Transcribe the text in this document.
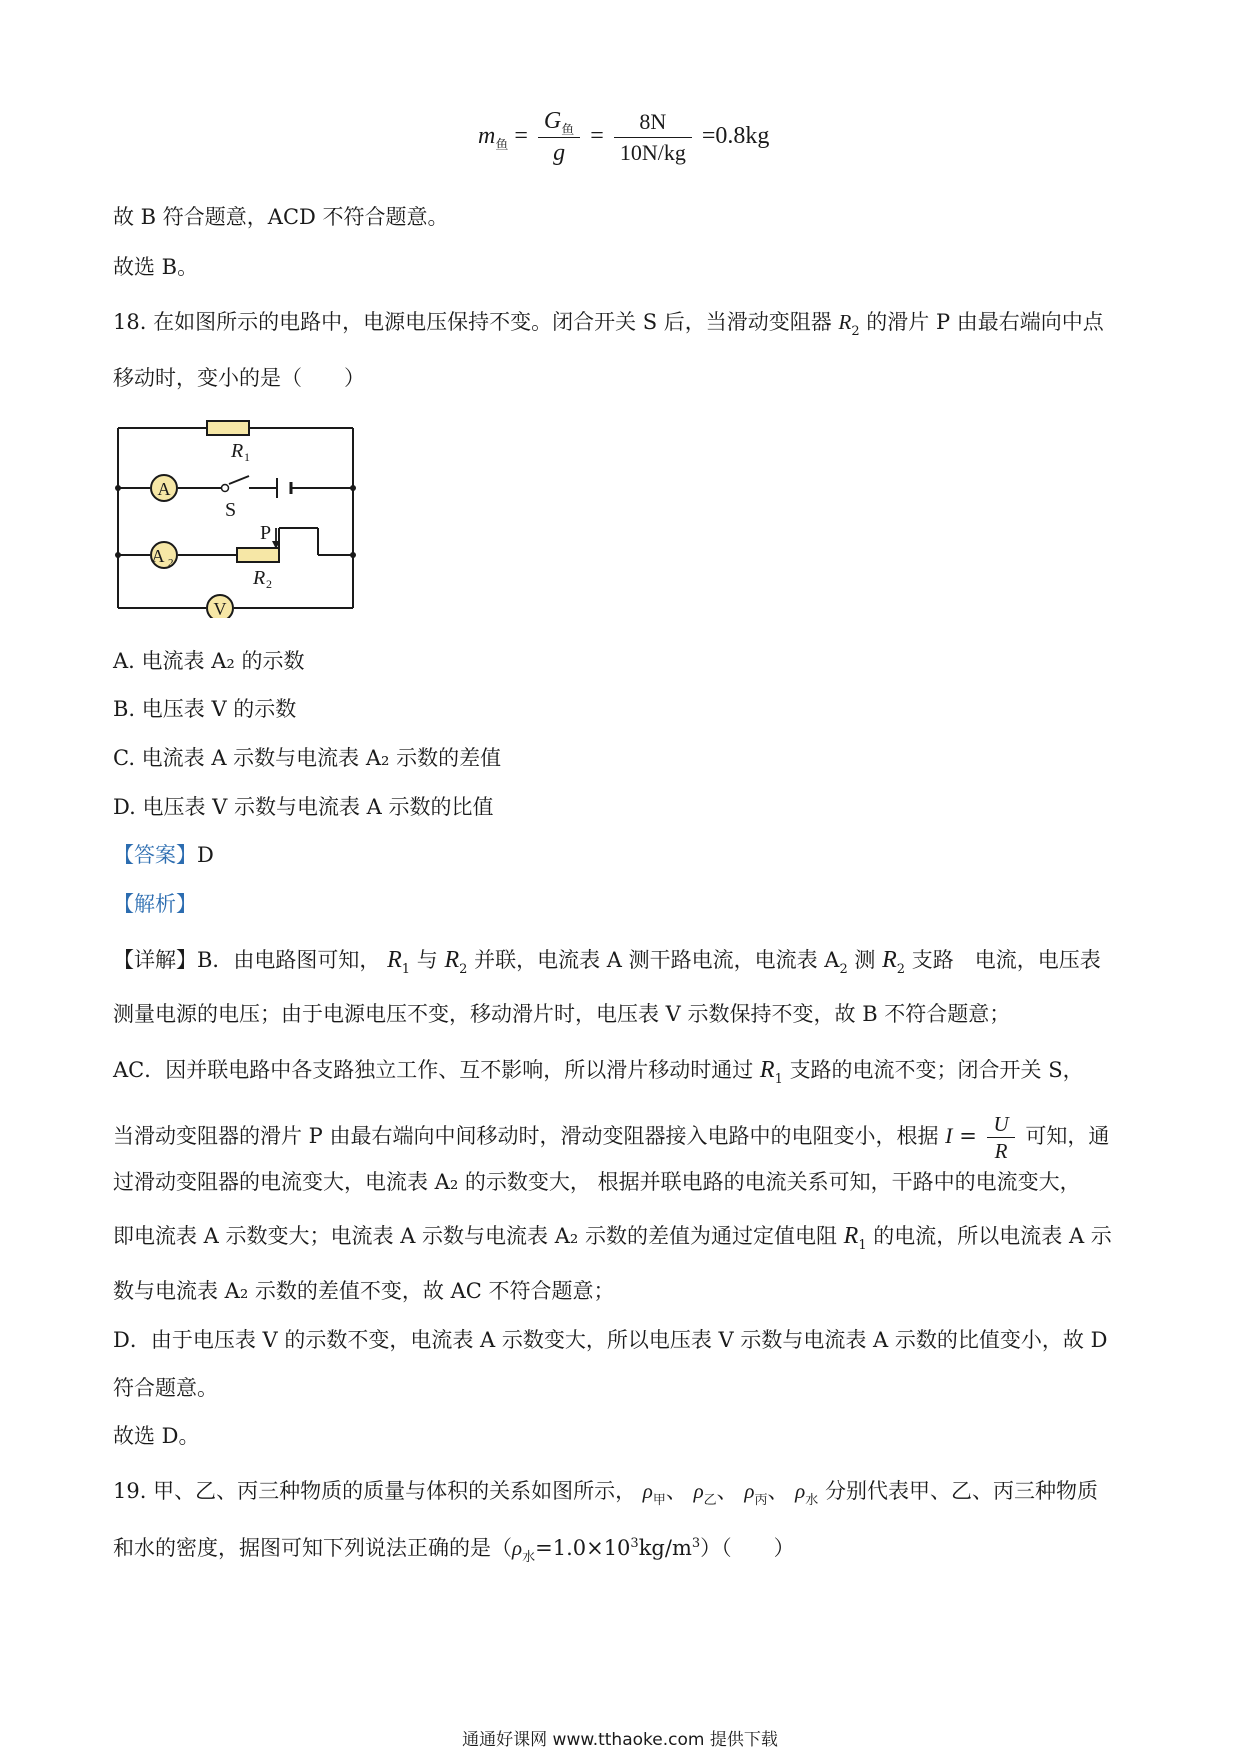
$m_鱼 = \frac{G_鱼}{g} = \frac{8N}{10N/kg} =0.8kg$
故 B 符合题意，ACD 不符合题意。
故选 B。
18. 在如图所示的电路中，电源电压保持不变。闭合开关 S 后，当滑动变阻器 $R_2$ 的滑片 P 由最右端向中点
移动时，变小的是（　　）
A
A 2
V
R 1
S
P
R 2
A. 电流表 A₂ 的示数
B. 电压表 V 的示数
C. 电流表 A 示数与电流表 A₂ 示数的差值
D. 电压表 V 示数与电流表 A 示数的比值
【答案】D
【解析】
【详解】B．由电路图可知， $R_1$ 与 $R_2$ 并联，电流表 A 测干路电流，电流表 $A_2$ 测 $R_2$ 支路　电流，电压表
测量电源的电压；由于电源电压不变，移动滑片时，电压表 V 示数保持不变，故 B 不符合题意；
AC．因并联电路中各支路独立工作、互不影响，所以滑片移动时通过 $R_1$ 支路的电流不变；闭合开关 S，
当滑动变阻器的滑片 P 由最右端向中间移动时，滑动变阻器接入电路中的电阻变小，根据 $I = \frac{U}{R}$ 可知，通
过滑动变阻器的电流变大，电流表 A₂ 的示数变大， 根据并联电路的电流关系可知，干路中的电流变大，
即电流表 A 示数变大；电流表 A 示数与电流表 A₂ 示数的差值为通过定值电阻 $R_1$ 的电流，所以电流表 A 示
数与电流表 A₂ 示数的差值不变，故 AC 不符合题意；
D．由于电压表 V 的示数不变，电流表 A 示数变大，所以电压表 V 示数与电流表 A 示数的比值变小，故 D
符合题意。
故选 D。
19. 甲、乙、丙三种物质的质量与体积的关系如图所示， $\rho_甲$、 $\rho_乙$、 $\rho_丙$、 $\rho_水$ 分别代表甲、乙、丙三种物质
和水的密度，据图可知下列说法正确的是$(\rho_水=1.0\times 10^3kg/m^3)$（　　）
通通好课网 www.tthaoke.com 提供下载
